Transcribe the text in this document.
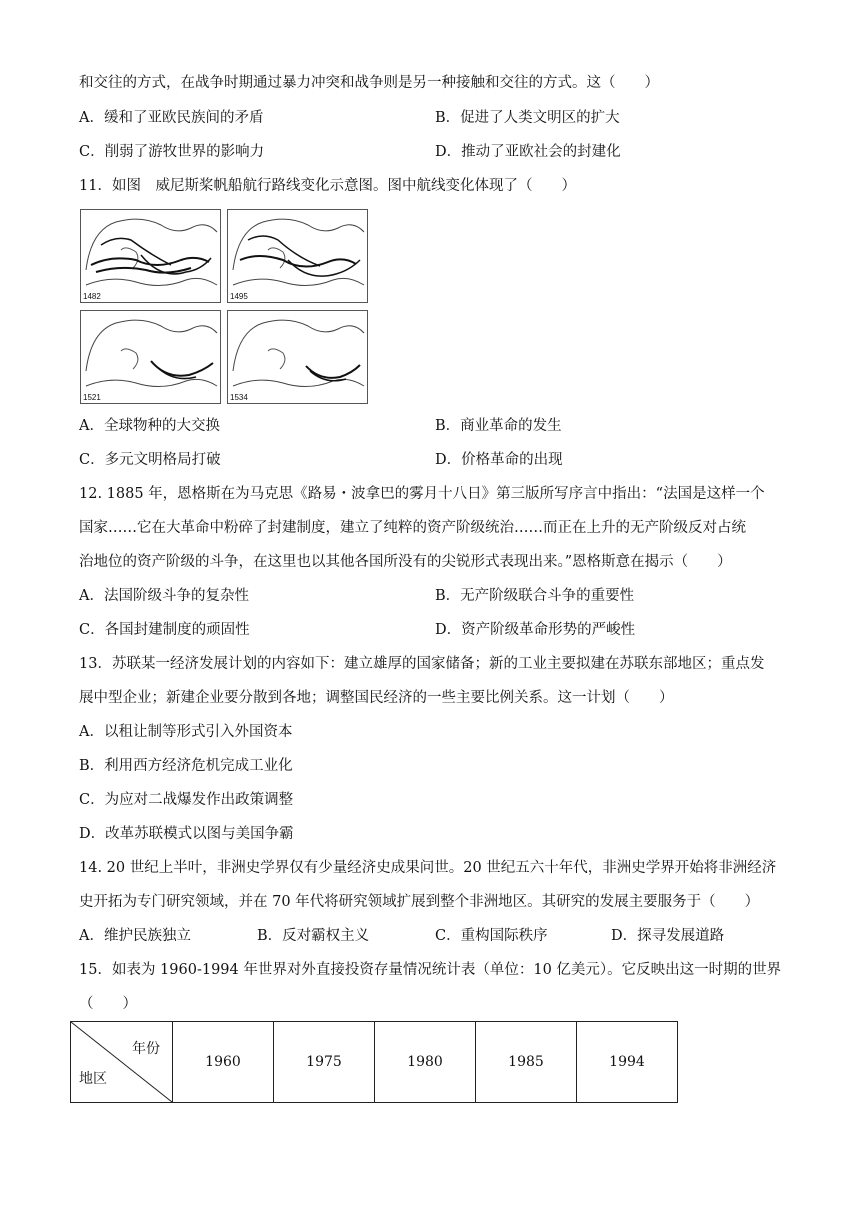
和交往的方式，在战争时期通过暴力冲突和战争则是另一种接触和交往的方式。这（　　）
A．缓和了亚欧民族间的矛盾	B．促进了人类文明区的扩大
C．削弱了游牧世界的影响力	D．推动了亚欧社会的封建化
11．如图　威尼斯桨帆船航行路线变化示意图。图中航线变化体现了（　　）
1482	1495
1521	1534
A．全球物种的大交换	B．商业革命的发生
C．多元文明格局打破	D．价格革命的出现
12. 1885 年，恩格斯在为马克思《路易・波拿巴的雾月十八日》第三版所写序言中指出：“法国是这样一个
国家……它在大革命中粉碎了封建制度，建立了纯粹的资产阶级统治……而正在上升的无产阶级反对占统
治地位的资产阶级的斗争，在这里也以其他各国所没有的尖锐形式表现出来。”恩格斯意在揭示（　　）
A．法国阶级斗争的复杂性	B．无产阶级联合斗争的重要性
C．各国封建制度的顽固性	D．资产阶级革命形势的严峻性
13．苏联某一经济发展计划的内容如下：建立雄厚的国家储备；新的工业主要拟建在苏联东部地区；重点发
展中型企业；新建企业要分散到各地；调整国民经济的一些主要比例关系。这一计划（　　）
A．以租让制等形式引入外国资本
B．利用西方经济危机完成工业化
C．为应对二战爆发作出政策调整
D．改革苏联模式以图与美国争霸
14. 20 世纪上半叶，非洲史学界仅有少量经济史成果问世。20 世纪五六十年代，非洲史学界开始将非洲经济
史开拓为专门研究领域，并在 70 年代将研究领域扩展到整个非洲地区。其研究的发展主要服务于（　　）
A．维护民族独立	B．反对霸权主义	C．重构国际秩序	D．探寻发展道路
15．如表为 1960-1994 年世界对外直接投资存量情况统计表（单位：10 亿美元）。它反映出这一时期的世界
（　　）
年份
地区
	1960	1975	1980	1985	1994
